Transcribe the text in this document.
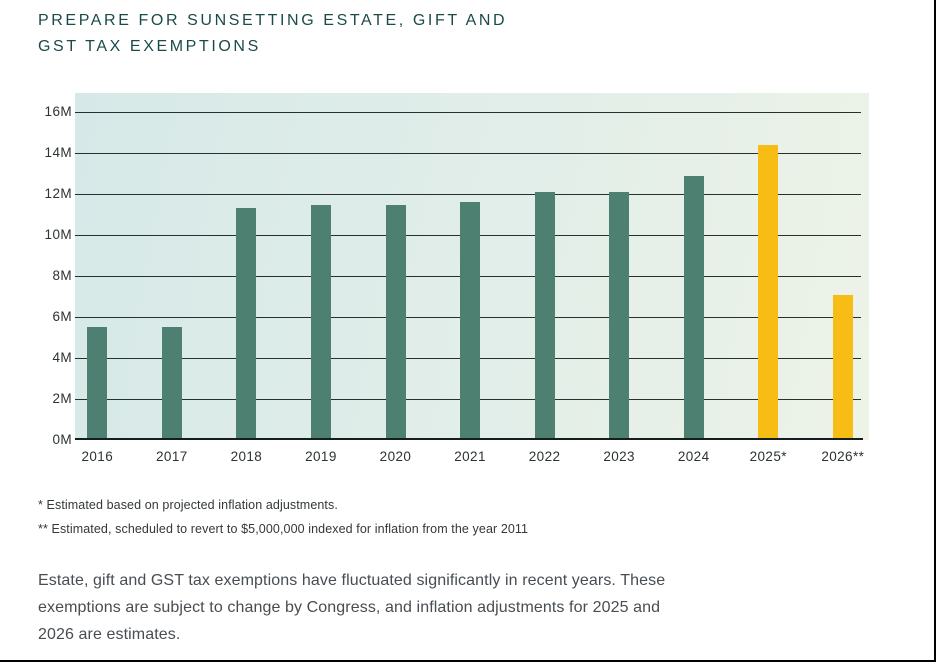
PREPARE FOR SUNSETTING ESTATE, GIFT AND
GST TAX EXEMPTIONS
0M
2M
4M
6M
8M
10M
12M
14M
16M
2016	2017	2018	2019	2020	2021	2022	2023	2024	2025*	2026**

* Estimated based on projected inflation adjustments.

** Estimated, scheduled to revert to $5,000,000 indexed for inflation from the year 2011

Estate, gift and GST tax exemptions have fluctuated significantly in recent years. These exemptions are subject to change by Congress, and inflation adjustments for 2025 and 2026 are estimates.
